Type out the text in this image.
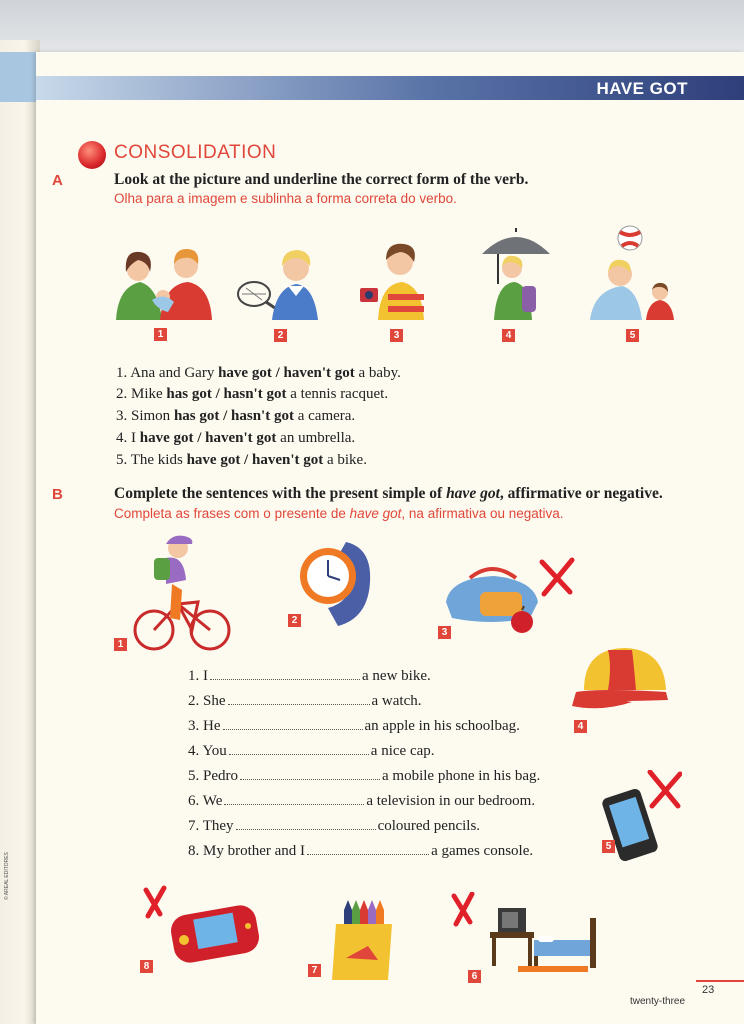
HAVE GOT
CONSOLIDATION
A	Look at the picture and underline the correct form of the verb.
Olha para a imagem e sublinha a forma correta do verbo.
1	2	3	4	5
1. Ana and Gary have got / haven't got a baby.
2. Mike has got / hasn't got a tennis racquet.
3. Simon has got / hasn't got a camera.
4. I have got / haven't got an umbrella.
5. The kids have got / haven't got a bike.
B	Complete the sentences with the present simple of have got, affirmative or negative.
Completa as frases com o presente de have got, na afirmativa ou negativa.
1
2
3
4
5
1. I	a new bike.
2. She	a watch.
3. He	an apple in his schoolbag.
4. You	a nice cap.
5. Pedro	a mobile phone in his bag.
6. We	a television in our bedroom.
7. They	coloured pencils.
8. My brother and I	a games console.
8	7
6
23
twenty-three
© AREAL EDITORES
